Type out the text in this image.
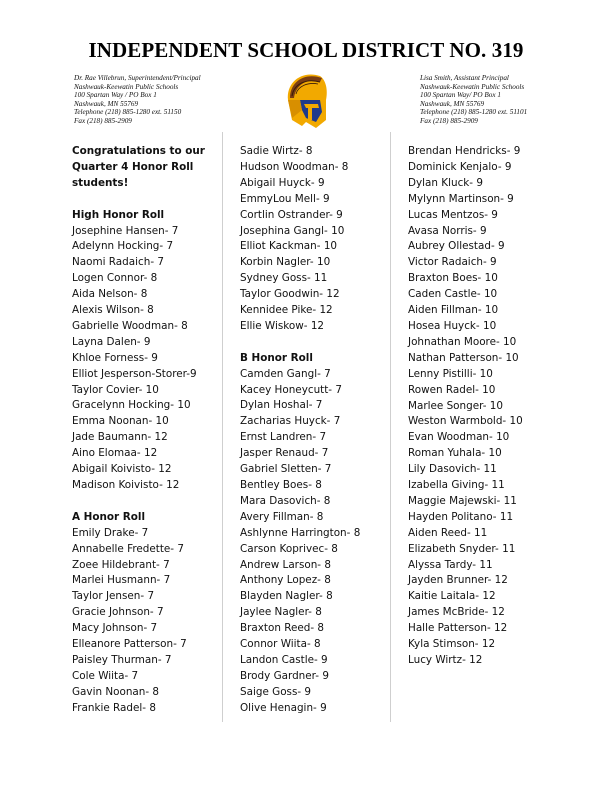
INDEPENDENT SCHOOL DISTRICT NO. 319
Dr. Rae Villebrun, Superintendent/Principal
Nashwauk-Keewatin Public Schools
100 Spartan Way / PO Box 1
Nashwauk, MN 55769
Telephone (218) 885-1280 ext. 51150
Fax (218) 885-2909
Lisa Smith, Assistant Principal
Nashwauk-Keewatin Public Schools
100 Spartan Way/ PO Box 1
Nashwauk, MN 55769
Telephone (218) 885-1280 ext. 51101
Fax (218) 885-2909
Congratulations to our
Quarter 4 Honor Roll
students!
High Honor Roll
Josephine Hansen- 7
Adelynn Hocking- 7
Naomi Radaich- 7
Logen Connor- 8
Aida Nelson- 8
Alexis Wilson- 8
Gabrielle Woodman- 8
Layna Dalen- 9
Khloe Forness- 9
Elliot Jesperson-Storer-9
Taylor Covier- 10
Gracelynn Hocking- 10
Emma Noonan- 10
Jade Baumann- 12
Aino Elomaa- 12
Abigail Koivisto- 12
Madison Koivisto- 12
A Honor Roll
Emily Drake- 7
Annabelle Fredette- 7
Zoee Hildebrant- 7
Marlei Husmann- 7
Taylor Jensen- 7
Gracie Johnson- 7
Macy Johnson- 7
Elleanore Patterson- 7
Paisley Thurman- 7
Cole Wiita- 7
Gavin Noonan- 8
Frankie Radel- 8
Sadie Wirtz- 8
Hudson Woodman- 8
Abigail Huyck- 9
EmmyLou Mell- 9
Cortlin Ostrander- 9
Josephina Gangl- 10
Elliot Kackman- 10
Korbin Nagler- 10
Sydney Goss- 11
Taylor Goodwin- 12
Kennidee Pike- 12
Ellie Wiskow- 12
B Honor Roll
Camden Gangl- 7
Kacey Honeycutt- 7
Dylan Hoshal- 7
Zacharias Huyck- 7
Ernst Landren- 7
Jasper Renaud- 7
Gabriel Sletten- 7
Bentley Boes- 8
Mara Dasovich- 8
Avery Fillman- 8
Ashlynne Harrington- 8
Carson Koprivec- 8
Andrew Larson- 8
Anthony Lopez- 8
Blayden Nagler- 8
Jaylee Nagler- 8
Braxton Reed- 8
Connor Wiita- 8
Landon Castle- 9
Brody Gardner- 9
Saige Goss- 9
Olive Henagin- 9
Brendan Hendricks- 9
Dominick Kenjalo- 9
Dylan Kluck- 9
Mylynn Martinson- 9
Lucas Mentzos- 9
Avasa Norris- 9
Aubrey Ollestad- 9
Victor Radaich- 9
Braxton Boes- 10
Caden Castle- 10
Aiden Fillman- 10
Hosea Huyck- 10
Johnathan Moore- 10
Nathan Patterson- 10
Lenny Pistilli- 10
Rowen Radel- 10
Marlee Songer- 10
Weston Warmbold- 10
Evan Woodman- 10
Roman Yuhala- 10
Lily Dasovich- 11
Izabella Giving- 11
Maggie Majewski- 11
Hayden Politano- 11
Aiden Reed- 11
Elizabeth Snyder- 11
Alyssa Tardy- 11
Jayden Brunner- 12
Kaitie Laitala- 12
James McBride- 12
Halle Patterson- 12
Kyla Stimson- 12
Lucy Wirtz- 12
